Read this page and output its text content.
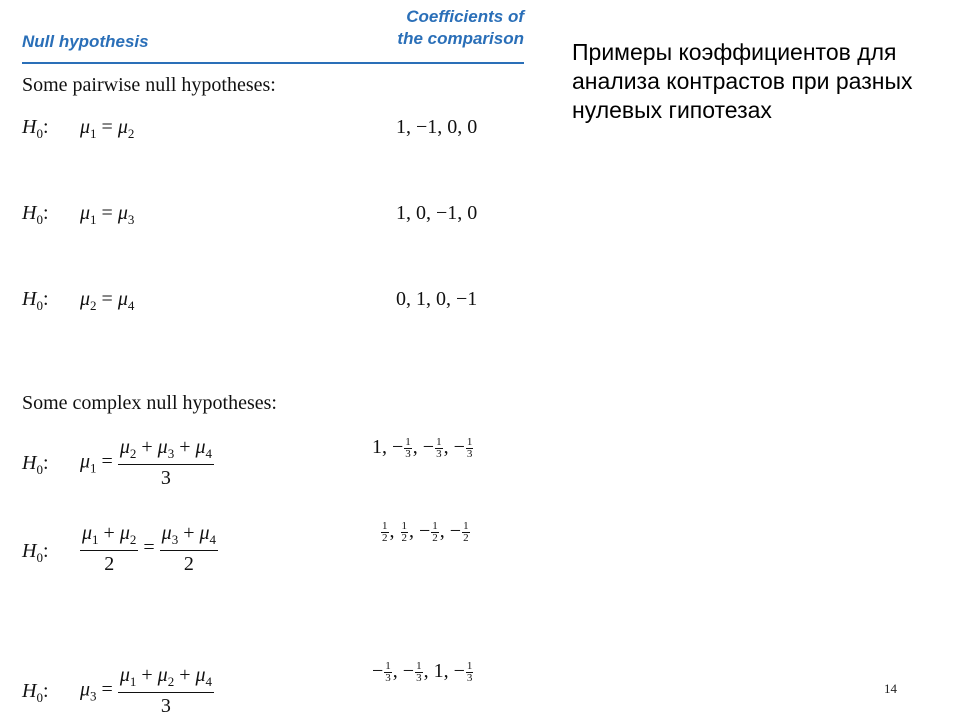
Null hypothesis
Coefficients of
the comparison
Some pairwise null hypotheses:
$H_0$: $\mu_1 = \mu_2$	1, −1, 0, 0
$H_0$: $\mu_1 = \mu_3$	1, 0, −1, 0
$H_0$: $\mu_2 = \mu_4$	0, 1, 0, −1
Some complex null hypotheses:
$H_0$: $\mu_1 = \frac{\mu_2 + \mu_3 + \mu_4}{3}$	1, − $\frac{1}{3}$ , − $\frac{1}{3}$ , − $\frac{1}{3}$
$H_0$: $\frac{\mu_1 + \mu_2}{2} = \frac{\mu_3 + \mu_4}{2}$	$\frac{1}{2}$ , $\frac{1}{2}$ , − $\frac{1}{2}$ , − $\frac{1}{2}$
$H_0$: $\mu_3 = \frac{\mu_1 + \mu_2 + \mu_4}{3}$	− $\frac{1}{3}$ , − $\frac{1}{3}$ , 1, − $\frac{1}{3}$
Примеры коэффициентов для анализа контрастов при разных нулевых гипотезах
14
